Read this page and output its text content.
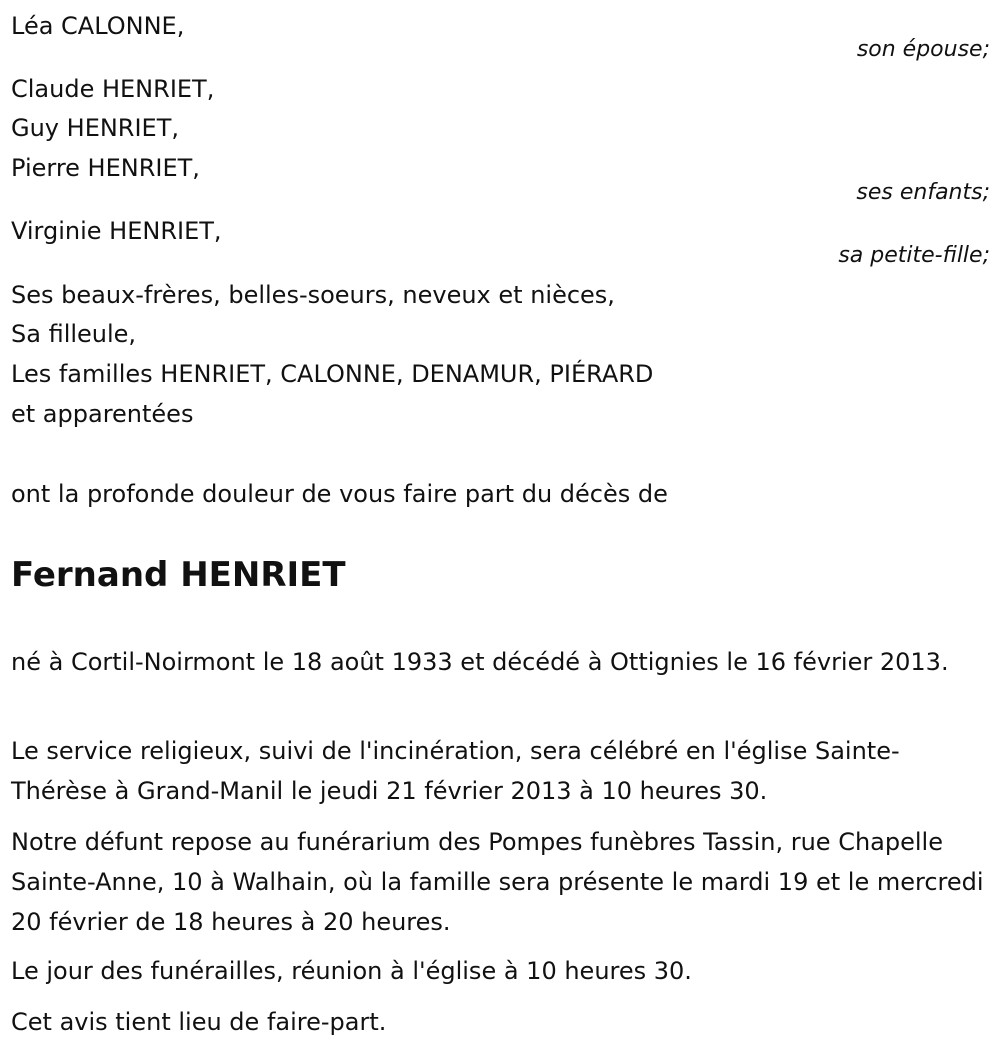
Léa CALONNE,
son épouse;
Claude HENRIET,
Guy HENRIET,
Pierre HENRIET,
ses enfants;
Virginie HENRIET,
sa petite-fille;
Ses beaux-frères, belles-soeurs, neveux et nièces,
Sa filleule,
Les familles HENRIET, CALONNE, DENAMUR, PIÉRARD
et apparentées
ont la profonde douleur de vous faire part du décès de
Fernand HENRIET
né à Cortil-Noirmont le 18 août 1933 et décédé à Ottignies le 16 février 2013.
Le service religieux, suivi de l'incinération, sera célébré en l'église Sainte-Thérèse à Grand-Manil le jeudi 21 février 2013 à 10 heures 30.
Notre défunt repose au funérarium des Pompes funèbres Tassin, rue Chapelle Sainte-Anne, 10 à Walhain, où la famille sera présente le mardi 19 et le mercredi 20 février de 18 heures à 20 heures.
Le jour des funérailles, réunion à l'église à 10 heures 30.
Cet avis tient lieu de faire-part.
